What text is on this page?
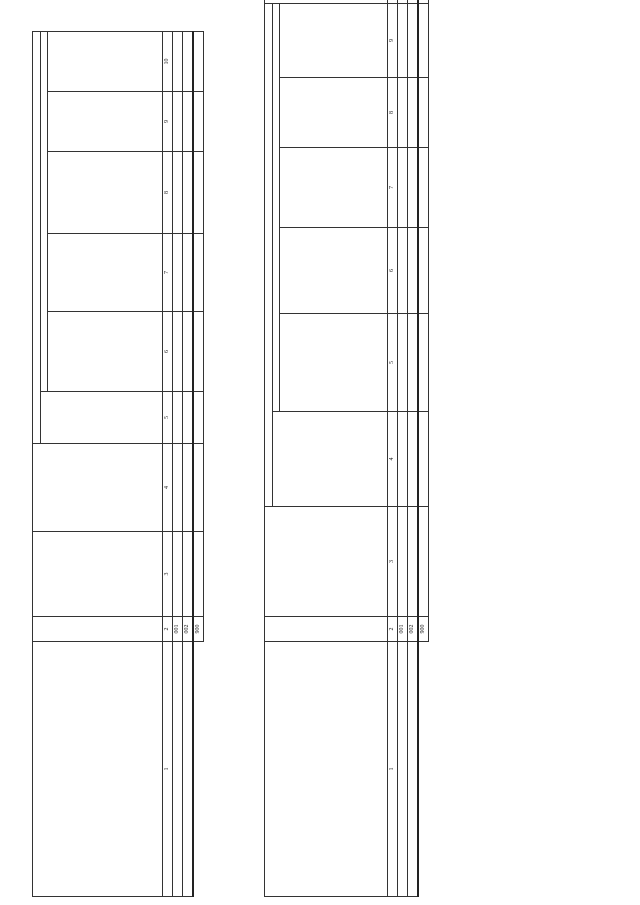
1	2	3	4	5	6	7	8	9	10
	001								
	002								
	900								

1	2	3	4	5	6	7	8	9	
	001								
	002								
	900								
